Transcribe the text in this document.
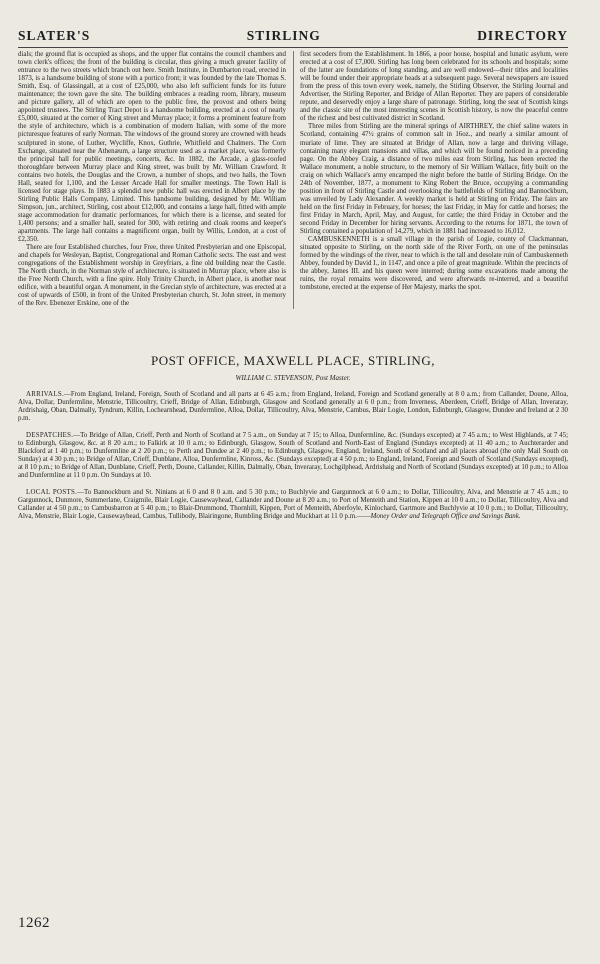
SLATER'S	STIRLING	DIRECTORY

dials; the ground flat is occupied as shops, and the upper flat contains the council chambers and town clerk's offices; the front of the building is circular, thus giving a much greater facility of entrance to the two streets which branch out here. Smith Institute, in Dumbarton road, erected in 1873, is a handsome building of stone with a portico front; it was founded by the late Thomas S. Smith, Esq. of Glassingall, at a cost of £25,000, who also left sufficient funds for its future maintenance; the town gave the site. The building embraces a reading room, library, museum and picture gallery, all of which are open to the public free, the provost and others being appointed trustees. The Stirling Tract Depot is a handsome building, erected at a cost of nearly £5,000, situated at the corner of King street and Murray place; it forms a prominent feature from the style of architecture, which is a combination of modern Italian, with some of the more picturesque features of early Norman. The windows of the ground storey are crowned with heads sculptured in stone, of Luther, Wycliffe, Knox, Guthrie, Whitfield and Chalmers. The Corn Exchange, situated near the Athenæum, a large structure used as a market place, was formerly the principal hall for public meetings, concerts, &c. In 1882, the Arcade, a glass-roofed thoroughfare between Murray place and King street, was built by Mr. William Crawford. It contains two hotels, the Douglas and the Crown, a number of shops, and two halls, the Town Hall, seated for 1,100, and the Lesser Arcade Hall for smaller meetings. The Town Hall is licensed for stage plays. In 1883 a splendid new public hall was erected in Albert place by the Stirling Public Halls Company, Limited. This handsome building, designed by Mr. William Simpson, jun., architect, Stirling, cost about £12,000, and contains a large hall, fitted with ample stage accommodation for dramatic performances, for which there is a license, and seated for 1,400 persons; and a smaller hall, seated for 300, with retiring and cloak rooms and keeper's apartments. The large hall contains a magnificent organ, built by Willis, London, at a cost of £2,350.

There are four Established churches, four Free, three United Presbyterian and one Episcopal, and chapels for Wesleyan, Baptist, Congregational and Roman Catholic sects. The east and west congregations of the Establishment worship in Greyfriars, a fine old building near the Castle. The North church, in the Norman style of architecture, is situated in Murray place, where also is the Free North Church, with a fine spire. Holy Trinity Church, in Albert place, is another neat edifice, with a beautiful organ. A monument, in the Grecian style of architecture, was erected at a cost of upwards of £500, in front of the United Presbyterian church, St. John street, in memory of the Rev. Ebenezer Erskine, one of the

first seceders from the Establishment. In 1866, a poor house, hospital and lunatic asylum, were erected at a cost of £7,000. Stirling has long been celebrated for its schools and hospitals; some of the latter are foundations of long standing, and are well endowed—their titles and localities will be found under their appropriate heads at a subsequent page. Several newspapers are issued from the press of this town every week, namely, the Stirling Observer, the Stirling Journal and Advertiser, the Stirling Reporter, and Bridge of Allan Reporter. They are papers of considerable repute, and deservedly enjoy a large share of patronage. Stirling, long the seat of Scottish kings and the classic site of the most interesting scenes in Scottish history, is now the peaceful centre of the richest and best cultivated district in Scotland.

Three miles from Stirling are the mineral springs of AIRTHREY, the chief saline waters in Scotland, containing 47½ grains of common salt in 16oz., and nearly a similar amount of muriate of lime. They are situated at Bridge of Allan, now a large and thriving village, containing many elegant mansions and villas, and which will be found noticed in a preceding page. On the Abbey Craig, a distance of two miles east from Stirling, has been erected the Wallace monument, a noble structure, to the memory of Sir William Wallace, fitly built on the craig on which Wallace's army encamped the night before the battle of Stirling Bridge. On the 24th of November, 1877, a monument to King Robert the Bruce, occupying a commanding position in front of Stirling Castle and overlooking the battlefields of Stirling and Bannockburn, was unveiled by Lady Alexander. A weekly market is held at Stirling on Friday. The fairs are held on the first Friday in February, for horses; the last Friday, in May for cattle and horses; the first Friday in March, April, May, and August, for cattle; the third Friday in October and the second Friday in December for hiring servants. According to the returns for 1871, the town of Stirling contained a population of 14,279, which in 1881 had increased to 16,012.

CAMBUSKENNETH is a small village in the parish of Logie, county of Clackmannan, situated opposite to Stirling, on the north side of the River Forth, on one of the peninsulas formed by the windings of the river, near to which is the tall and desolate ruin of Cambuskenneth Abbey, founded by David I., in 1147, and once a pile of great magnitude. Within the precincts of the abbey, James III. and his queen were interred; during some excavations made among the ruins, the royal remains were discovered, and were afterwards re-interred, and a beautiful tombstone, erected at the expense of Her Majesty, marks the spot.

POST OFFICE, MAXWELL PLACE, STIRLING,
WILLIAM C. STEVENSON, Post Master.
ARRIVALS.—From England, Ireland, Foreign, South of Scotland and all parts at 6 45 a.m.; from England, Ireland, Foreign and Scotland generally at 8 0 a.m.; from Callander, Doune, Alloa, Alva, Dollar, Dunfermline, Menstrie, Tillicoultry, Crieff, Bridge of Allan, Edinburgh, Glasgow and Scotland generally at 6 0 p.m.; from Inverness, Aberdeen, Crieff, Bridge of Allan, Inveraray, Ardrishaig, Oban, Dalmally, Tyndrum, Killin, Lochearnhead, Dunfermline, Alloa, Dollar, Tillicoultry, Alva, Menstrie, Cambus, Blair Logie, London, Edinburgh, Glasgow, Dundee and Ireland at 2 30 p.m.
DESPATCHES.—To Bridge of Allan, Crieff, Perth and North of Scotland at 7 5 a.m., on Sunday at 7 15; to Alloa, Dunfermline, &c. (Sundays excepted) at 7 45 a.m.; to West Highlands, at 7 45; to Edinburgh, Glasgow, &c. at 8 20 a.m.; to Falkirk at 10 0 a.m.; to Edinburgh, Glasgow, South of Scotland and North-East of England (Sundays excepted) at 11 40 a.m.; to Auchterarder and Blackford at 1 40 p.m.; to Dunfermline at 2 20 p.m.; to Perth and Dundee at 2 40 p.m.; to Edinburgh, Glasgow, England, Ireland, South of Scotland and all places abroad (the only Mail South on Sunday) at 4 30 p.m.; to Bridge of Allan, Crieff, Dunblane, Alloa, Dunfermline, Kinross, &c. (Sundays excepted) at 4 50 p.m.; to England, Ireland, Foreign and South of Scotland (Sundays excepted), at 8 10 p.m.; to Bridge of Allan, Dunblane, Crieff, Perth, Doune, Callander, Killin, Dalmally, Oban, Inveraray, Lochgilphead, Ardrishaig and North of Scotland (Sundays excepted) at 10 p.m.; to Alloa and Dunfermline at 11 0 p.m. On Sundays at 10.
LOCAL POSTS.—To Bannockburn and St. Ninians at 6 0 and 8 0 a.m. and 5 30 p.m.; to Buchlyvie and Gargunnock at 6 0 a.m.; to Dollar, Tillicoultry, Alva, and Menstrie at 7 45 a.m.; to Gargunnock, Dunmore, Summerlane, Craigmile, Blair Logie, Causewayhead, Callander and Doune at 8 20 a.m.; to Port of Menteith and Station, Kippen at 10 0 a.m.; to Dollar, Tillicoultry, Alva and Callander at 4 50 p.m.; to Cambusbarron at 5 40 p.m.; to Blair-Drummond, Thornhill, Kippen, Port of Menteith, Aberfoyle, Kinlochard, Gartmore and Buchlyvie at 10 0 p.m.; to Dollar, Tillicoultry, Alva, Menstrie, Blair Logie, Causewayhead, Cambus, Tullibody, Blairingone, Rumbling Bridge and Muckhart at 11 0 p.m.——Money Order and Telegraph Office and Savings Bank.
1262
